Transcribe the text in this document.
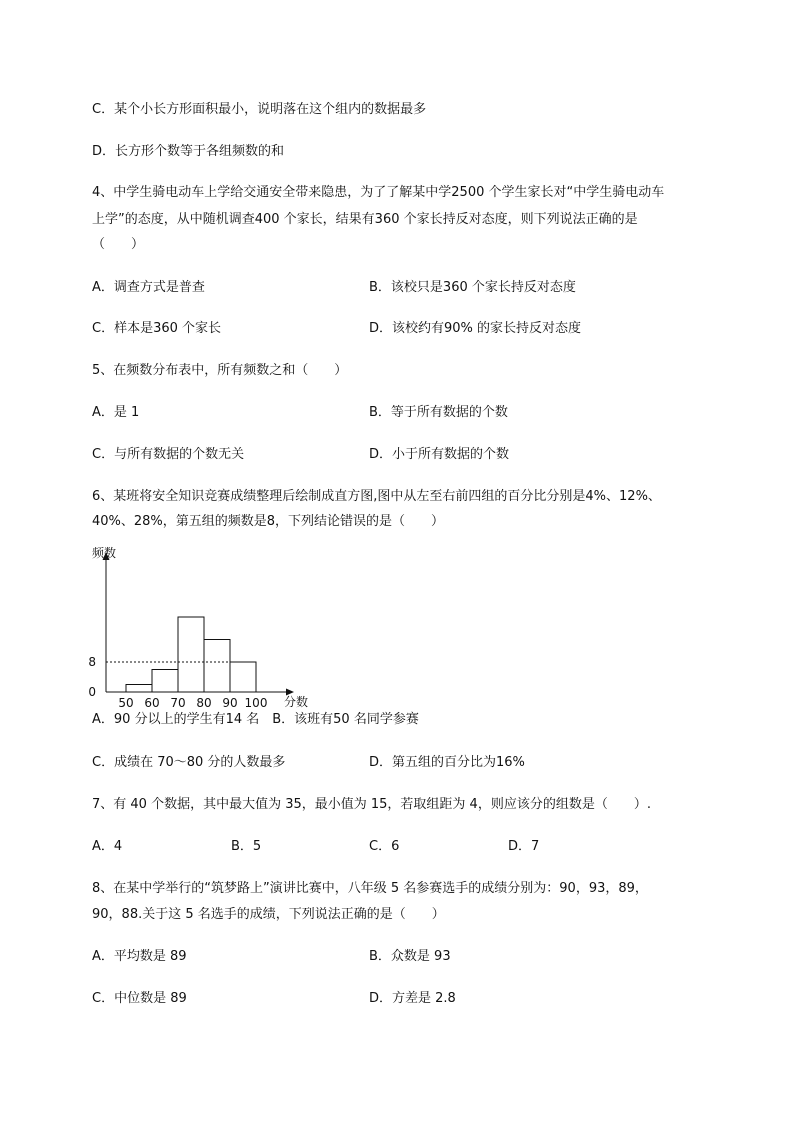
C．某个小长方形面积最小，说明落在这个组内的数据最多
D．长方形个数等于各组频数的和
4、中学生骑电动车上学给交通安全带来隐患，为了了解某中学2500 个学生家长对“中学生骑电动车
上学”的态度，从中随机调查400 个家长，结果有360 个家长持反对态度，则下列说法正确的是
（　　）
A．调查方式是普查	B．该校只是360 个家长持反对态度
C．样本是360 个家长	D．该校约有90% 的家长持反对态度
5、在频数分布表中，所有频数之和（　　）
A．是 1	B．等于所有数据的个数
C．与所有数据的个数无关	D．小于所有数据的个数
6、某班将安全知识竞赛成绩整理后绘制成直方图,图中从左至右前四组的百分比分别是4%、12%、
40%、28%，第五组的频数是8，下列结论错误的是（　　）
频数
分数
50 60 70 80 90 100
0
8
A．90 分以上的学生有14 名　B．该班有50 名同学参赛
C．成绩在 70～80 分的人数最多	D．第五组的百分比为16%
7、有 40 个数据，其中最大值为 35，最小值为 15，若取组距为 4，则应该分的组数是（　　）.
A．4	B．5	C．6	D．7
8、在某中学举行的“筑梦路上”演讲比赛中，八年级 5 名参赛选手的成绩分别为：90，93，89，
90，88.关于这 5 名选手的成绩，下列说法正确的是（　　）
A．平均数是 89	B．众数是 93
C．中位数是 89	D．方差是 2.8
